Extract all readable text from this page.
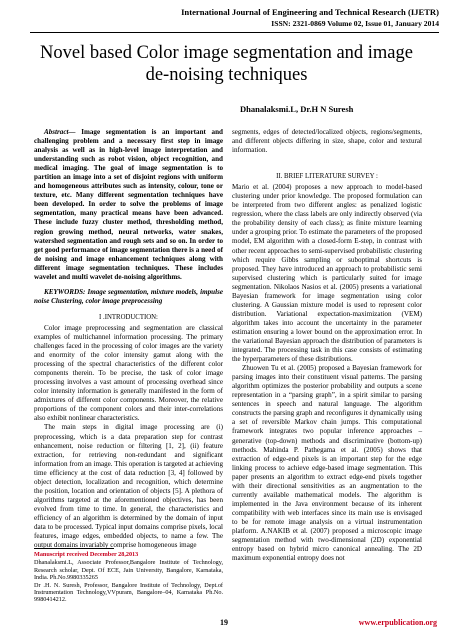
International Journal of Engineering and Technical Research (IJETR)
ISSN: 2321-0869 Volume 02, Issue 01, January 2014
Novel based Color image segmentation and image
de-noising techniques
Dhanalaksmi.L, Dr.H N Suresh
Abstract— Image segmentation is an important and challenging problem and a necessary first step in image analysis as well as in high-level image interpretation and understanding such as robot vision, object recognition, and medical imaging. The goal of image segmentation is to partition an image into a set of disjoint regions with uniform and homogeneous attributes such as intensity, colour, tone or texture, etc. Many different segmentation techniques have been developed. In order to solve the problems of image segmentation, many practical means have been advanced. These include fuzzy cluster method, thresholding method, region growing method, neural networks, water snakes, watershed segmentation and rough sets and so on. In order to get good performance of image segmentation there is a need of de noising and image enhancement techniques along with different image segmentation techniques. These includes wavelet and multi wavelet de-noising algorithms.
KEYWORDS: Image segmentation, mixture models, impulse noise Clustering, color image preprocessing
I .INTRODUCTION:
Color image preprocessing and segmentation are classical examples of multichannel information processing. The primary challenges faced in the processing of color images are the variety and enormity of the color intensity gamut along with the processing of the spectral characteristics of the different color components therein. To be precise, the task of color image processing involves a vast amount of processing overhead since color intensity information is generally manifested in the form of admixtures of different color components. Moreover, the relative proportions of the component colors and their inter-correlations also exhibit nonlinear characteristics.
The main steps in digital image processing are (i) preprocessing, which is a data preparation step for contrast enhancement, noise reduction or filtering [1, 2], (ii) feature extraction, for retrieving non-redundant and significant information from an image. This operation is targeted at achieving time efficiency at the cost of data reduction [3, 4] followed by object detection, localization and recognition, which determine the position, location and orientation of objects [5]. A plethora of algorithms targeted at the aforementioned objectives, has been evolved from time to time. In general, the characteristics and efficiency of an algorithm is determined by the domain of input data to be processed. Typical input domains comprise pixels, local features, image edges, embedded objects, to name a few. The output domains invariably comprise homogeneous image
Manuscript received December 28,2013
Dhanalaksmi.L, Associate Professor,Bangalore Institute of Technology, Research scholar, Dept. Of ECE, Jain University, Bangalore, Karnataka, India. Ph.No.9980335265
Dr .H. N. Suresh, Professor, Bangalore Institute of Technology, Dept.of Instrumentation Technology,VVpuram, Bangalore–04, Karnataka Ph.No. 9980414212.
segments, edges of detected/localized objects, regions/segments, and different objects differing in size, shape, color and textural information.
II. BRIEF LITERATURE SURVEY :
Mario et al. (2004) proposes a new approach to model-based clustering under prior knowledge. The proposed formulation can be interpreted from two different angles: as penalized logistic regression, where the class labels are only indirectly observed (via the probability density of each class); as finite mixture learning under a grouping prior. To estimate the parameters of the proposed model, EM algorithm with a closed-form E-step, in contrast with other recent approaches to semi-supervised probabilistic clustering which require Gibbs sampling or suboptimal shortcuts is proposed. They have introduced an approach to probabilistic semi supervised clustering which is particularly suited for image segmentation. Nikolaos Nasios et al. (2005) presents a variational Bayesian framework for image segmentation using color clustering. A Gaussian mixture model is used to represent color distribution. Variational expectation-maximization (VEM) algorithm takes into account the uncertainty in the parameter estimation ensuring a lower bound on the approximation error. In the variational Bayesian approach the distribution of parameters is integrated. The processing task in this case consists of estimating the hyperparameters of these distributions.
Zhuowen Tu et al. (2005) proposed a Bayesian framework for parsing images into their constituent visual patterns. The parsing algorithm optimizes the posterior probability and outputs a scene representation in a “parsing graph”, in a spirit similar to parsing sentences in speech and natural language. The algorithm constructs the parsing graph and reconfigures it dynamically using a set of reversible Markov chain jumps. This computational framework integrates two popular inference approaches – generative (top-down) methods and discriminative (bottom-up) methods. Mahinda P. Pathegama et al. (2005) shows that extraction of edge-end pixels is an important step for the edge linking process to achieve edge-based image segmentation. This paper presents an algorithm to extract edge-end pixels together with their directional sensitivities as an augmentation to the currently available mathematical models. The algorithm is implemented in the Java environment because of its inherent compatibility with web interfaces since its main use is envisaged to be for remote image analysis on a virtual instrumentation platform. A.NAKIB et al. (2007) proposed a microscopic image segmentation method with two-dimensional (2D) exponential entropy based on hybrid micro canonical annealing. The 2D maximum exponential entropy does not
19	www.erpublication.org
